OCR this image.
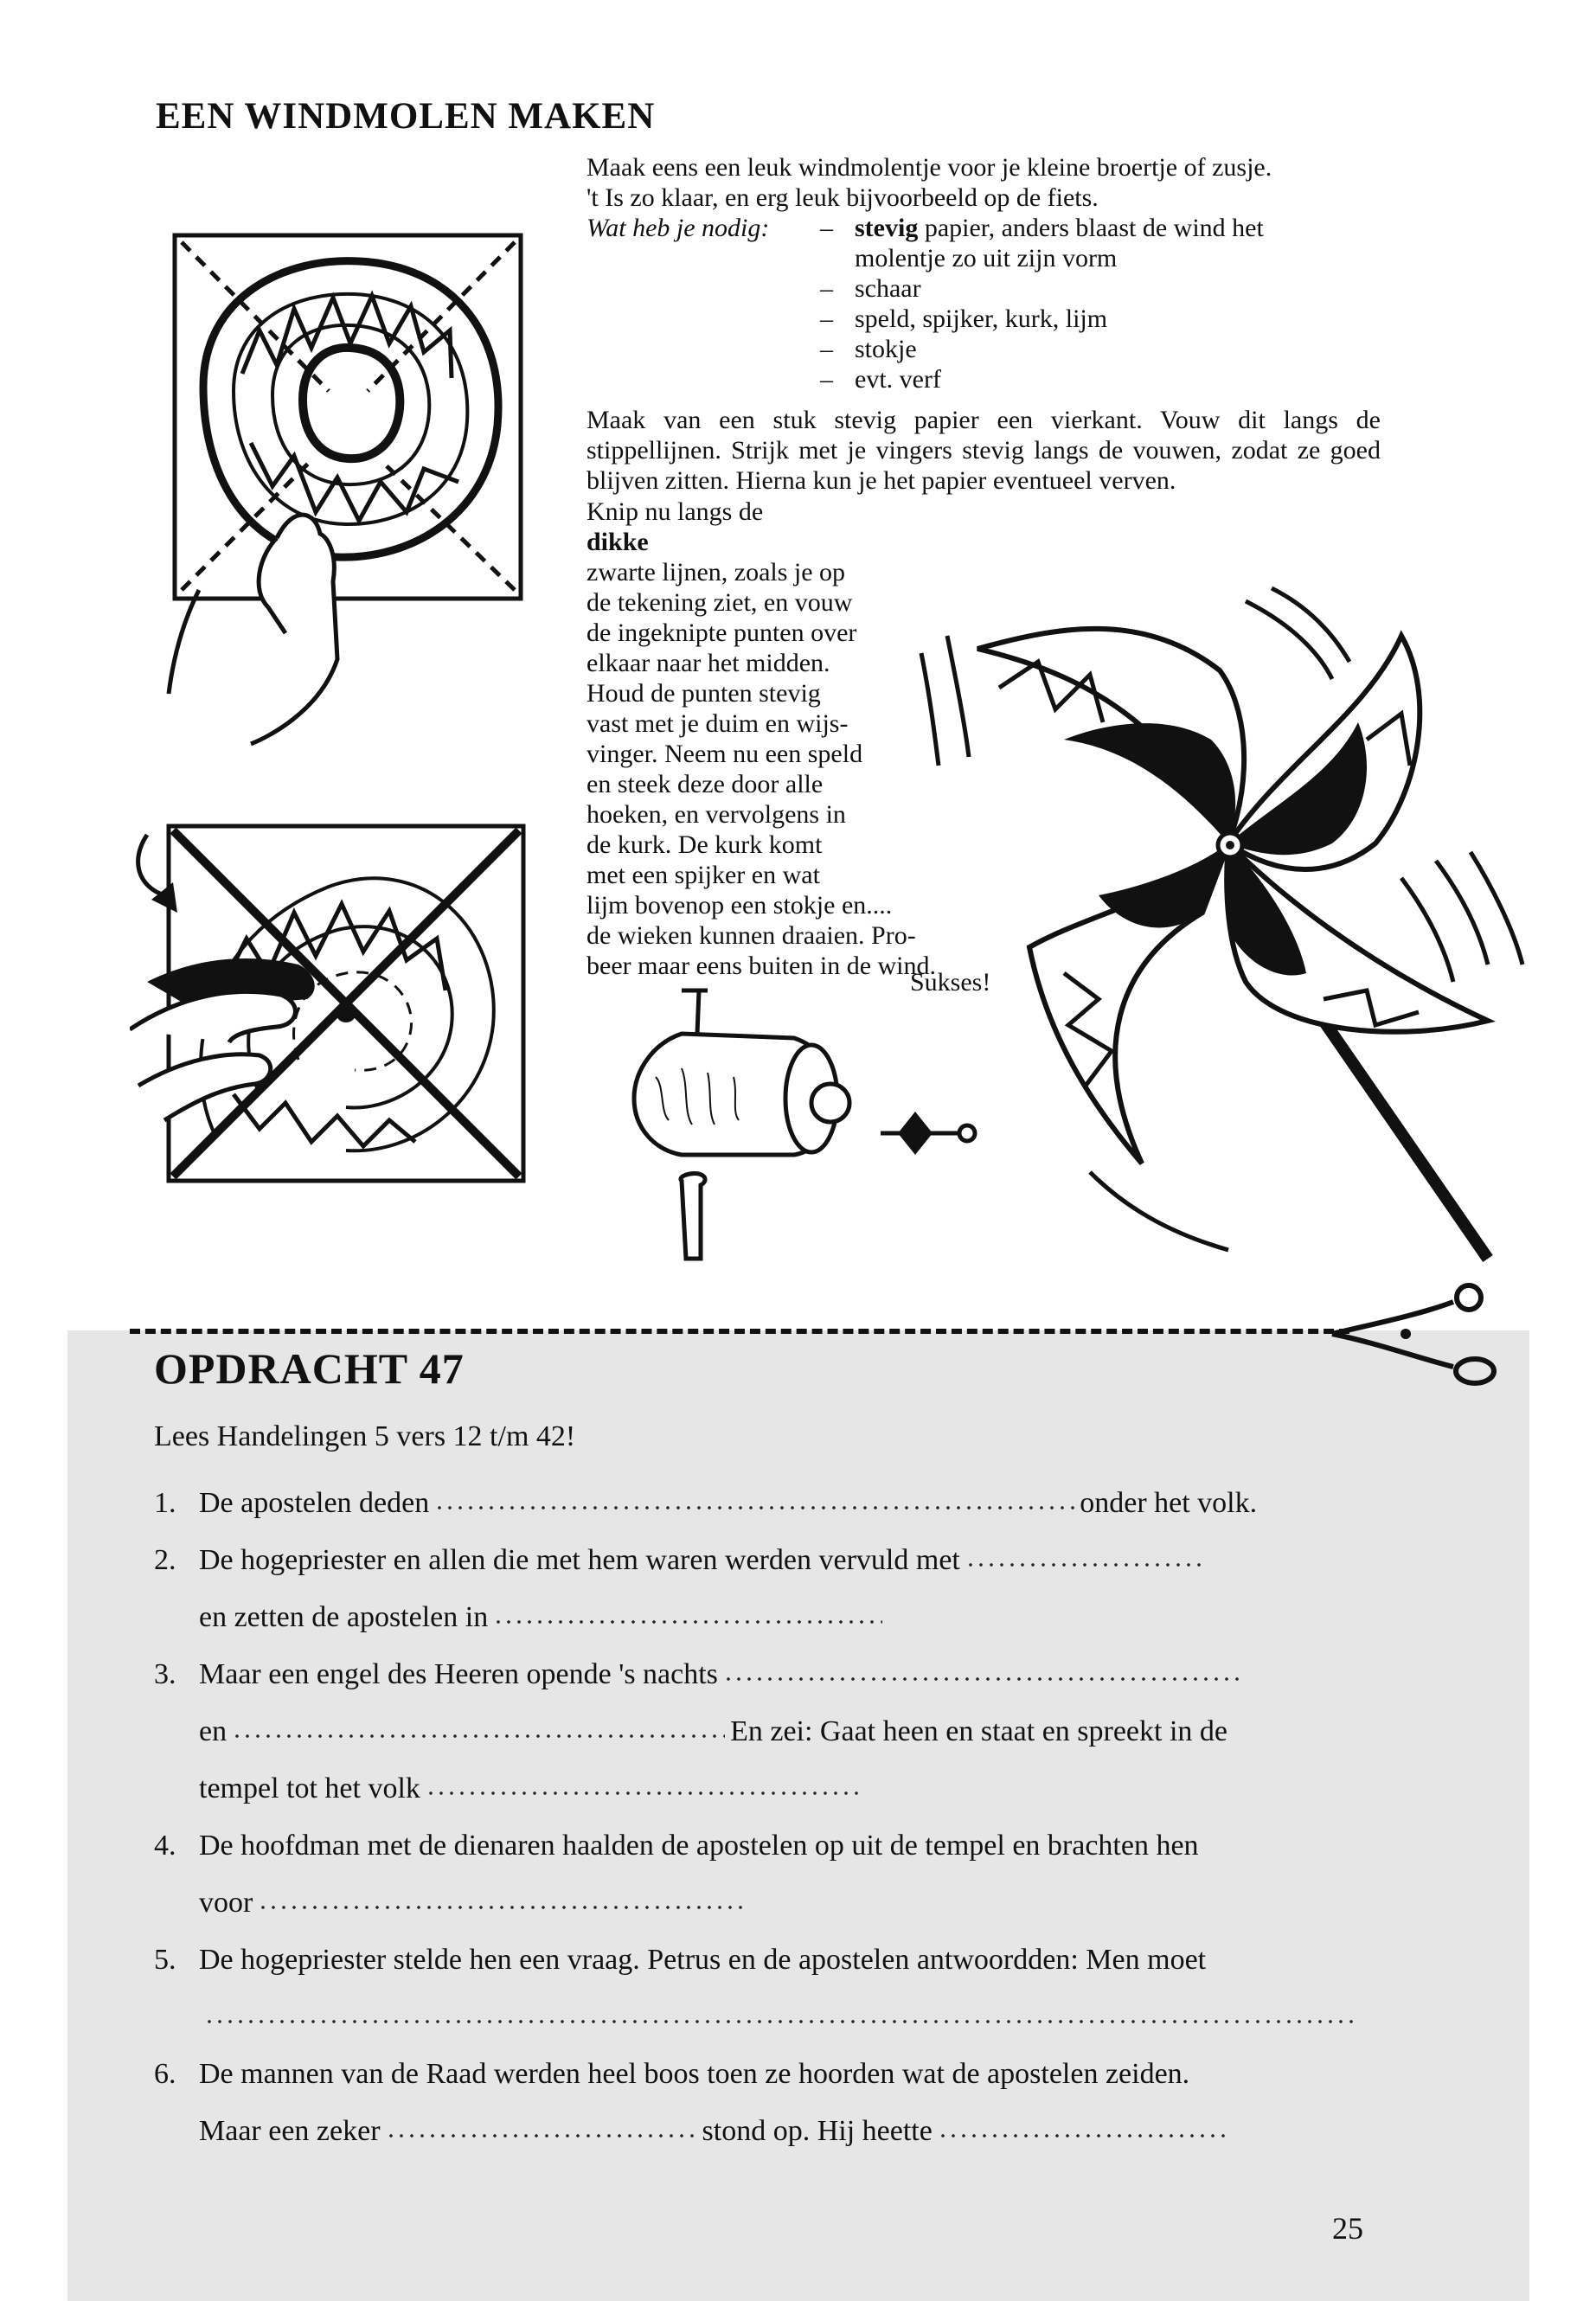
EEN WINDMOLEN MAKEN
Maak eens een leuk windmolentje voor je kleine broertje of zusje.
't Is zo klaar, en erg leuk bijvoorbeeld op de fiets.
Wat heb je nodig: – stevig papier, anders blaast de wind het
molentje zo uit zijn vorm
– schaar
– speld, spijker, kurk, lijm
– stokje
– evt. verf
Maak van een stuk stevig papier een vierkant. Vouw dit langs de stippellijnen. Strijk met je vingers stevig langs de vouwen, zodat ze goed blijven zitten. Hierna kun je het papier eventueel verven.
Knip nu langs de
dikke
zwarte lijnen, zoals je op
de tekening ziet, en vouw
de ingeknipte punten over
elkaar naar het midden.
Houd de punten stevig
vast met je duim en wijs-
vinger. Neem nu een speld
en steek deze door alle
hoeken, en vervolgens in
de kurk. De kurk komt
met een spijker en wat
lijm bovenop een stokje en....
de wieken kunnen draaien. Pro-
beer maar eens buiten in de wind.
Sukses!
OPDRACHT 47
Lees Handelingen 5 vers 12 t/m 42!
1. De apostelen deden	onder het volk.
2. De hogepriester en allen die met hem waren werden vervuld met
en zetten de apostelen in
3. Maar een engel des Heeren opende 's nachts
en	En zei: Gaat heen en staat en spreekt in de
tempel tot het volk
4. De hoofdman met de dienaren haalden de apostelen op uit de tempel en brachten hen
voor
5. De hogepriester stelde hen een vraag. Petrus en de apostelen antwoordden: Men moet
6. De mannen van de Raad werden heel boos toen ze hoorden wat de apostelen zeiden.
Maar een zeker	stond op. Hij heette
25
